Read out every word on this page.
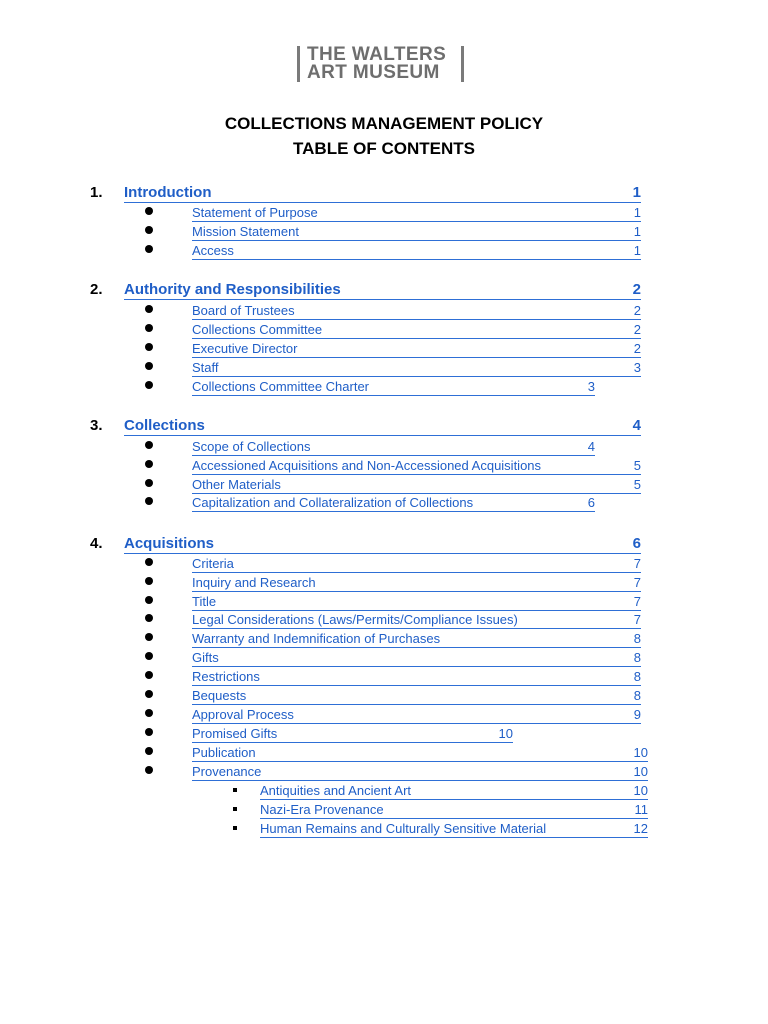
THE WALTERS
ART MUSEUM
COLLECTIONS MANAGEMENT POLICY
TABLE OF CONTENTS
1. Introduction	1
Statement of Purpose	1
Mission Statement	1
Access	1
2. Authority and Responsibilities	2
Board of Trustees	2
Collections Committee	2
Executive Director	2
Staff	3
Collections Committee Charter	3
3. Collections	4
Scope of Collections	4
Accessioned Acquisitions and Non-Accessioned Acquisitions	5
Other Materials	5
Capitalization and Collateralization of Collections	6
4. Acquisitions	6
Criteria	7
Inquiry and Research	7
Title	7
Legal Considerations (Laws/Permits/Compliance Issues)	7
Warranty and Indemnification of Purchases	8
Gifts	8
Restrictions	8
Bequests	8
Approval Process	9
Promised Gifts	10
Publication	10
Provenance	10
Antiquities and Ancient Art	10
Nazi-Era Provenance	11
Human Remains and Culturally Sensitive Material	12
